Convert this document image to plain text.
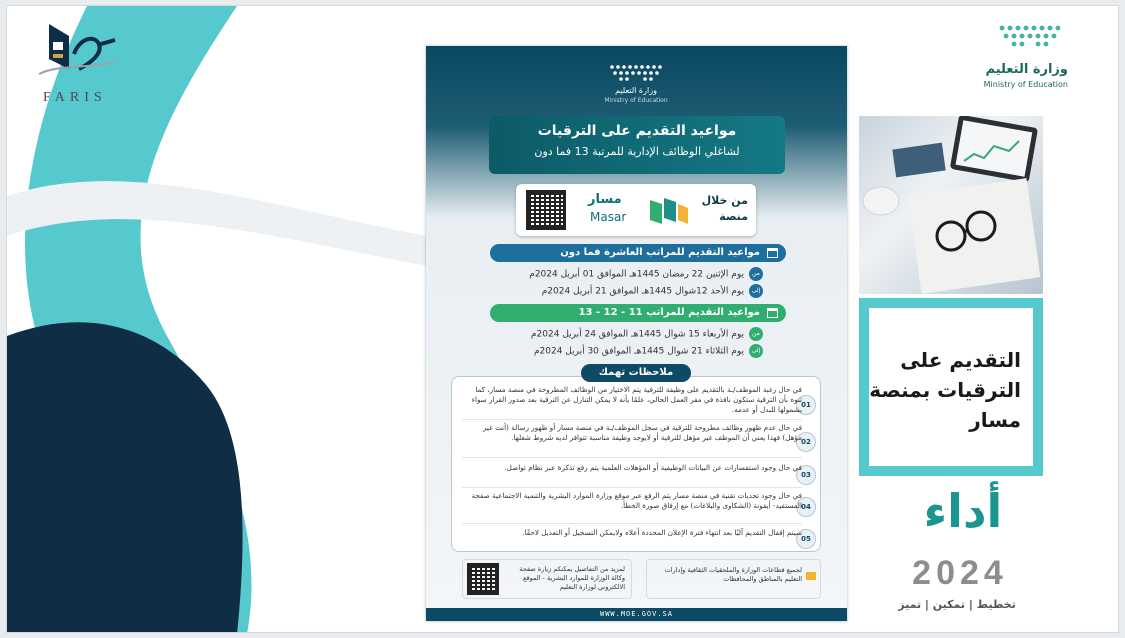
FARIS
وزارة التعليم
Ministry of Education
وزارة التعليم
Ministry of Education
مواعيد التقديم على الترقيات
لشاغلي الوظائف الإدارية للمرتبة 13 فما دون
مسار
Masar
من خلال منصة
مواعيد التقديم للمراتب العاشرة فما دون
منيوم الإثنين 22 رمضان 1445هـ الموافق 01 أبريل 2024م
إلىيوم الأحد 12شوال 1445هـ الموافق 21 أبريل 2024م
مواعيد التقديم للمراتب 11 - 12 - 13
منيوم الأربعاء 15 شوال 1445هـ الموافق 24 أبريل 2024م
إلىيوم الثلاثاء 21 شوال 1445هـ الموافق 30 أبريل 2024م
01
في حال رغبة الموظف/ـة بالتقديم على وظيفة للترقية يتم الاختيار من الوظائف المطروحة في منصة مسار، كما تنوه بأن الترقية ستكون نافذة في مقر العمل الحالي، علمًا بأنه لا يمكن التنازل عن الترقية بعد صدور القرار سواء بشمولها للبدل أو عدمه.
02
في حال عدم ظهور وظائف مطروحة للترقية في سجل الموظف/ـة في منصة مسار أو ظهور رسالة (أنت غير مؤهل) فهذا يعني أن الموظف غير مؤهل للترقية أو لايوجد وظيفة مناسبة تتوافر لديه شروط شغلها.
03
في حال وجود استفسارات عن البيانات الوظيفية أو المؤهلات العلمية يتم رفع تذكرة عبر نظام تواصل.
04
في حال وجود تحديات تقنية في منصة مسار يتم الرفع عبر موقع وزارة الموارد البشرية والتنمية الاجتماعية صفحة المستفيد- أيقونة (الشكاوى والبلاغات) مع إرفاق صورة الخطأ.
05
سيتم إقفال التقديم آليًا بعد انتهاء فترة الإعلان المحددة أعلاه ولايمكن التسجيل أو التعديل لاحقًا.
ملاحظات تهمك
لمزيد من التفاصيل يمكنكم زيارة صفحة وكالة الوزارة للموارد البشرية - الموقع الالكتروني لوزارة التعليم
لجميع قطاعات الوزارة والملحقيات الثقافية وإدارات التعليم بالمناطق والمحافظات
WWW.MOE.GOV.SA
التقديم على الترقيات بمنصة مسار
أداء
2024
تخطيط | تمكين | تميز
